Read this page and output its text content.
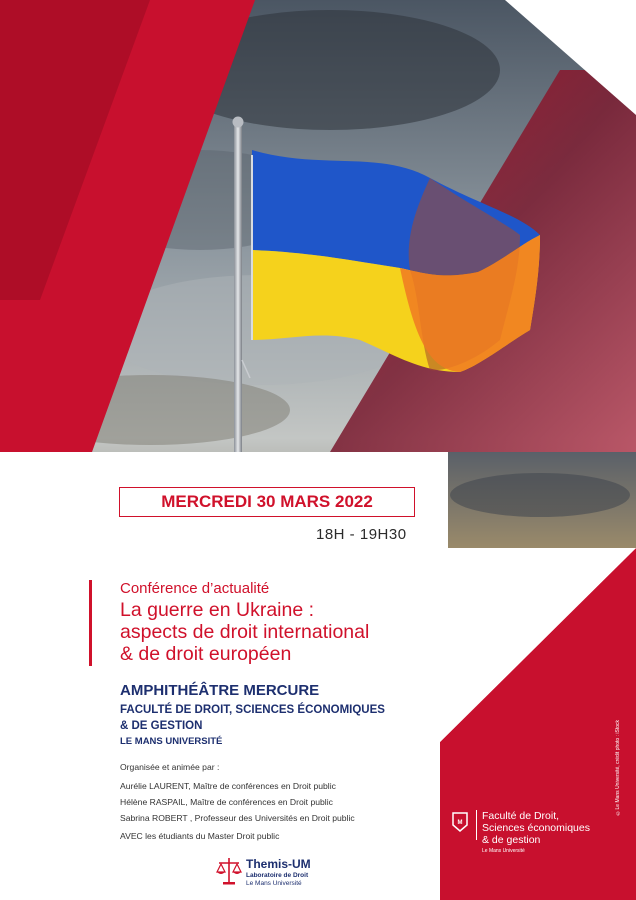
MERCREDI 30 MARS 2022
18H - 19H30
Conférence d’actualité
La guerre en Ukraine :
aspects de droit international
& de droit européen
AMPHITHÉÂTRE MERCURE
FACULTÉ DE DROIT, SCIENCES ÉCONOMIQUES
& DE GESTION
LE MANS UNIVERSITÉ
Organisée et animée par :
Aurélie LAURENT, Maître de conférences en Droit public
Hélène RASPAIL, Maître de conférences en Droit public
Sabrina ROBERT , Professeur des Universités en Droit public
AVEC les étudiants du Master Droit public
Themis-UM
Laboratoire de Droit
Le Mans Université
M
Faculté de Droit,
Sciences économiques
& de gestion
Le Mans Université
©Le Mans Université, crédit photo : iStock
